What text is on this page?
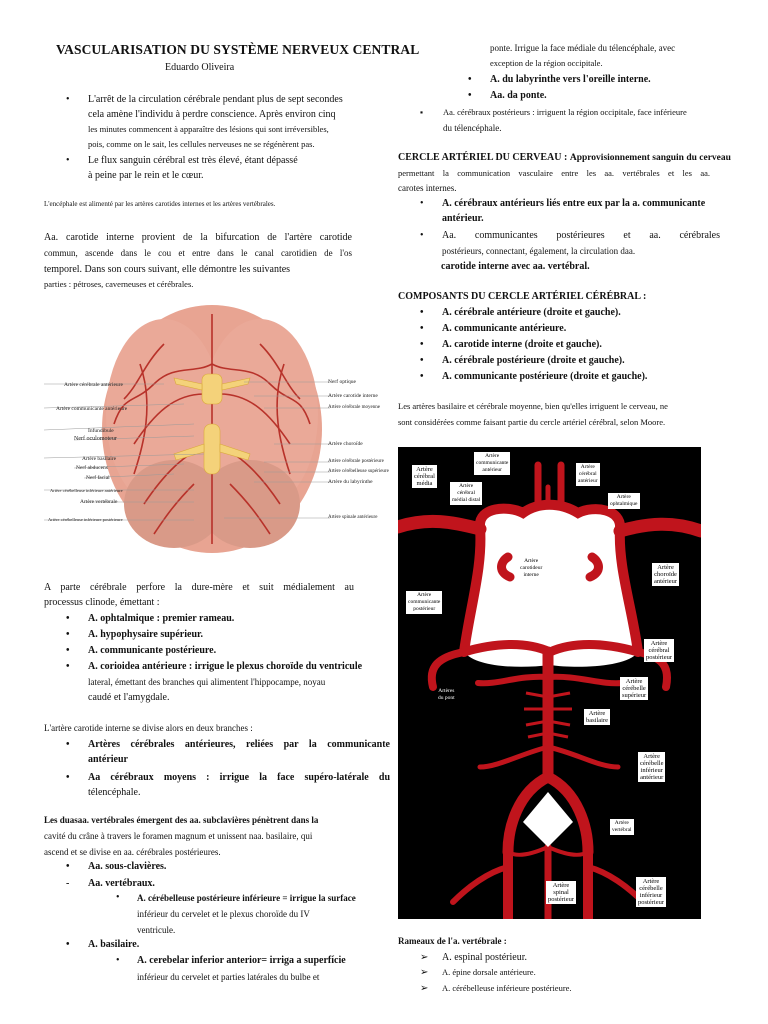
VASCULARISATION DU SYSTÈME NERVEUX CENTRAL
Eduardo Oliveira
• L'arrêt de la circulation cérébrale pendant plus de sept secondes
cela amène l'individu à perdre conscience. Après environ cinq
les minutes commencent à apparaître des lésions qui sont irréversibles,
pois, comme on le sait, les cellules nerveuses ne se régénèrent pas.
• Le flux sanguin cérébral est très élevé, étant dépassé
à peine par le rein et le cœur.
L'encéphale est alimenté par les artères carotides internes et les artères vertébrales.
Aa. carotide interne provient de la bifurcation de l'artère carotide
commun, ascende dans le cou et entre dans le canal carotidien de l'os
temporel. Dans son cours suivant, elle démontre les suivantes
parties : pétroses, caverneuses et cérébrales.
Artère cérébrale antérieure
Artère communicante antérieure
Infundibule
Nerf oculomoteur
Artère basilaire
Nerf abducens
Nerf facial
Artère cérébelleuse inférieure antérieure
Artère vertébrale
Artère cérébelleuse inférieure postérieure
Nerf optique
Artère carotide interne
Artère cérébrale moyenne
Artère choroïde
Artère cérébrale postérieure
Artère cérébelleuse supérieure
Artère du labyrinthe
Artère spinale antérieure
A parte cérébrale perfore la dure-mère et suit médialement au
processus clinode, émettant :
• A. ophtalmique : premier rameau.
• A. hypophysaire supérieur.
• A. communicante postérieure.
• A. corioidea antérieure : irrigue le plexus choroïde du ventricule
lateral, émettant des branches qui alimentent l'hippocampe, noyau
caudé et l'amygdale.
L'artère carotide interne se divise alors en deux branches :
• Artères cérébrales antérieures, reliées par la communicante
antérieur
• Aa cérébraux moyens : irrigue la face supéro-latérale du
télencéphale.
Les duasaa. vertébrales émergent des aa. subclavières pénètrent dans la
cavité du crâne à travers le foramen magnum et unissent naa. basilaire, qui
ascend et se divise en aa. cérébrales postérieures.
• Aa. sous-clavières.
- Aa. vertébraux.
• A. cérébelleuse postérieure inférieure = irrigue la surface
inférieur du cervelet et le plexus choroïde du IV
ventricule.
• A. basilaire.
• A. cerebelar inferior anterior= irriga a superfície
inférieur du cervelet et parties latérales du bulbe et
ponte. Irrigue la face médiale du télencéphale, avec
exception de la région occipitale.
• A. du labyrinthe vers l'oreille interne.
• Aa. da ponte.
▪ Aa. cérébraux postérieurs : irriguent la région occipitale, face inférieure
du télencéphale.
CERCLE ARTÉRIEL DU CERVEAU : Approvisionnement sanguin du cerveau
permettant la communication vasculaire entre les aa. vertébrales et les aa.
carotes internes.
• A. cérébraux antérieurs liés entre eux par la a. communicante
antérieur.
• Aa. communicantes postérieures et aa. cérébrales
postérieurs, connectant, également, la circulation daa.
carotide interne avec aa. vertébral.
COMPOSANTS DU CERCLE ARTÉRIEL CÉRÉBRAL :
• A. cérébrale antérieure (droite et gauche).
• A. communicante antérieure.
• A. carotide interne (droite et gauche).
• A. cérébrale postérieure (droite et gauche).
• A. communicante postérieure (droite et gauche).
Les artères basilaire et cérébrale moyenne, bien qu'elles irriguent le cerveau, ne
sont considérées comme faisant partie du cercle artériel cérébral, selon Moore.
Artère
cérébral
média
Artère
communicante
antérieur	Artère
cérébral
antérieur
Artère
cérébral
médial distal	Artère
ophtalmique
Artère
carotideur
interne
Artère
choroïde
antérieur
Artère
communicante
postérieur
Artère
cérébral
postérieur
Artère
cérébelle
supérieur
Artères
du pont
Artère
basilaire
Artère
cérébelle
inférieur
antérieur
Artère
vertébral
Artère
spinal
postérieur
Artère
cérébelle
inférieur
postérieur
Rameaux de l'a. vertébrale :
➢ A. espinal postérieur.
➢ A. épine dorsale antérieure.
➢ A. cérébelleuse inférieure postérieure.
